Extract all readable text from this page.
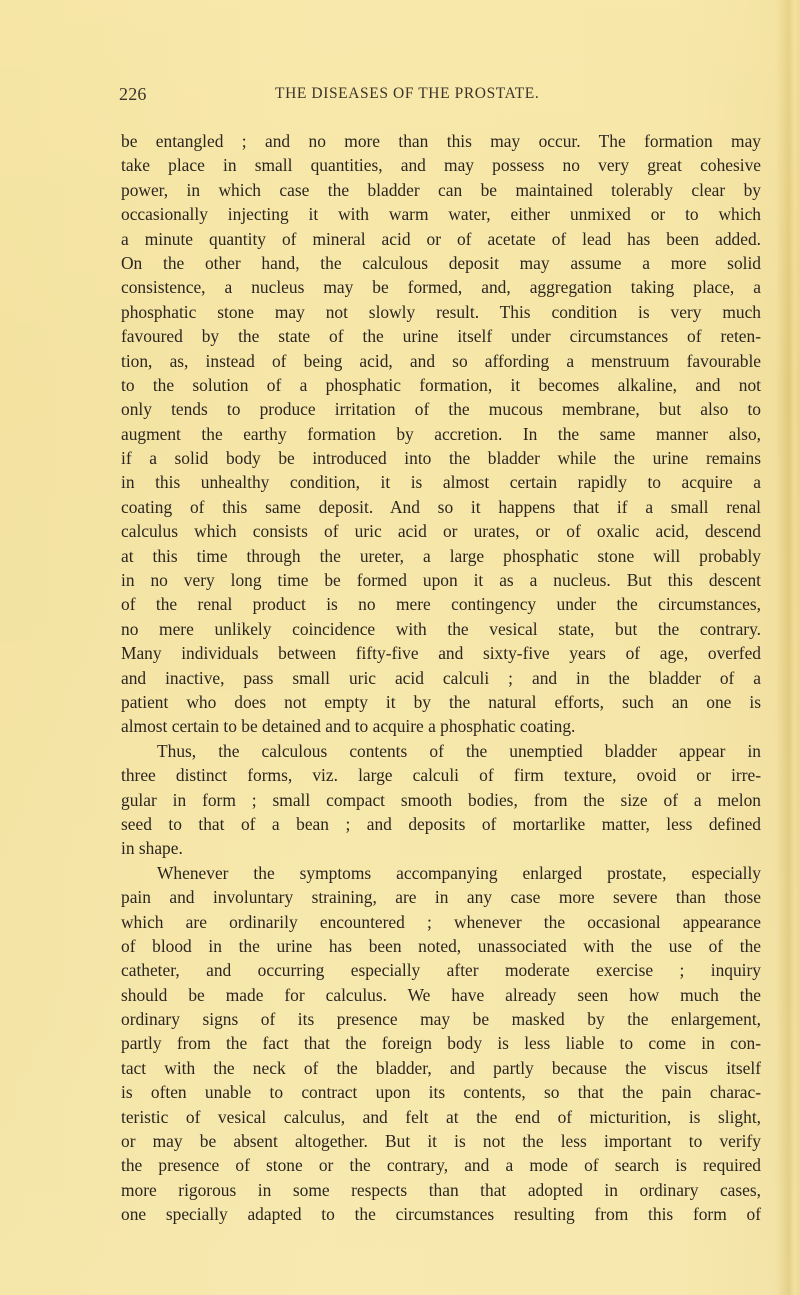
226	THE DISEASES OF THE PROSTATE.
be entangled ; and no more than this may occur. The formation may
take place in small quantities, and may possess no very great cohesive
power, in which case the bladder can be maintained tolerably clear by
occasionally injecting it with warm water, either unmixed or to which
a minute quantity of mineral acid or of acetate of lead has been added.
On the other hand, the calculous deposit may assume a more solid
consistence, a nucleus may be formed, and, aggregation taking place, a
phosphatic stone may not slowly result. This condition is very much
favoured by the state of the urine itself under circumstances of reten-
tion, as, instead of being acid, and so affording a menstruum favourable
to the solution of a phosphatic formation, it becomes alkaline, and not
only tends to produce irritation of the mucous membrane, but also to
augment the earthy formation by accretion. In the same manner also,
if a solid body be introduced into the bladder while the urine remains
in this unhealthy condition, it is almost certain rapidly to acquire a
coating of this same deposit. And so it happens that if a small renal
calculus which consists of uric acid or urates, or of oxalic acid, descend
at this time through the ureter, a large phosphatic stone will probably
in no very long time be formed upon it as a nucleus. But this descent
of the renal product is no mere contingency under the circumstances,
no mere unlikely coincidence with the vesical state, but the contrary.
Many individuals between fifty-five and sixty-five years of age, overfed
and inactive, pass small uric acid calculi ; and in the bladder of a
patient who does not empty it by the natural efforts, such an one is
almost certain to be detained and to acquire a phosphatic coating.
Thus, the calculous contents of the unemptied bladder appear in
three distinct forms, viz. large calculi of firm texture, ovoid or irre-
gular in form ; small compact smooth bodies, from the size of a melon
seed to that of a bean ; and deposits of mortarlike matter, less defined
in shape.
Whenever the symptoms accompanying enlarged prostate, especially
pain and involuntary straining, are in any case more severe than those
which are ordinarily encountered ; whenever the occasional appearance
of blood in the urine has been noted, unassociated with the use of the
catheter, and occurring especially after moderate exercise ; inquiry
should be made for calculus. We have already seen how much the
ordinary signs of its presence may be masked by the enlargement,
partly from the fact that the foreign body is less liable to come in con-
tact with the neck of the bladder, and partly because the viscus itself
is often unable to contract upon its contents, so that the pain charac-
teristic of vesical calculus, and felt at the end of micturition, is slight,
or may be absent altogether. But it is not the less important to verify
the presence of stone or the contrary, and a mode of search is required
more rigorous in some respects than that adopted in ordinary cases,
one specially adapted to the circumstances resulting from this form of
